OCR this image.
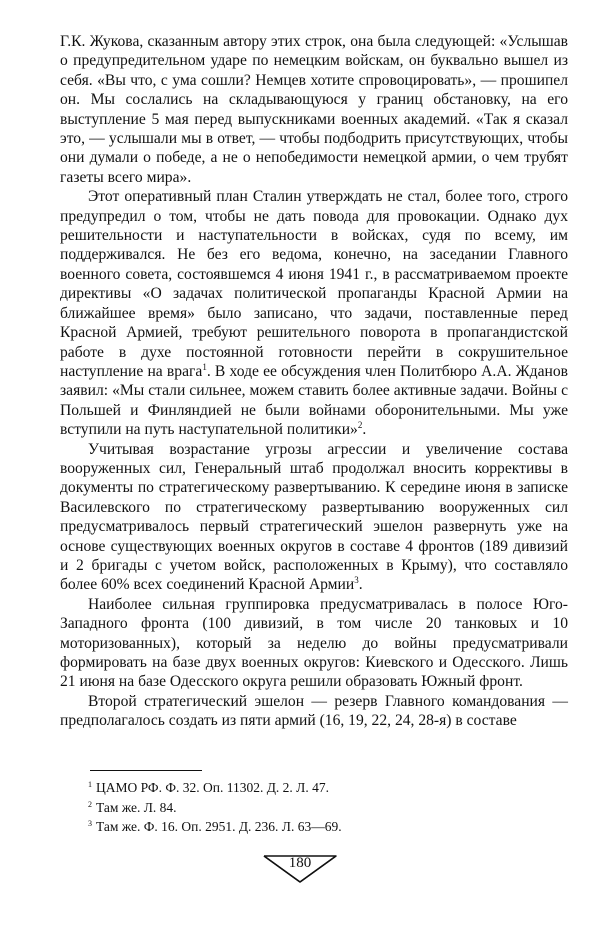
Г.К. Жукова, сказанным автору этих строк, она была следующей: «Услышав о предупредительном ударе по немецким войскам, он буквально вышел из себя. «Вы что, с ума сошли? Немцев хотите спровоцировать», — прошипел он. Мы сослались на складывающуюся у границ обстановку, на его выступление 5 мая перед выпускниками военных академий. «Так я сказал это, — услышали мы в ответ, — чтобы подбодрить присутствующих, чтобы они думали о победе, а не о непобедимости немецкой армии, о чем трубят газеты всего мира».

Этот оперативный план Сталин утверждать не стал, более того, строго предупредил о том, чтобы не дать повода для провокации. Однако дух решительности и наступательности в войсках, судя по всему, им поддерживался. Не без его ведома, конечно, на заседании Главного военного совета, состоявшемся 4 июня 1941 г., в рассматриваемом проекте директивы «О задачах политической пропаганды Красной Армии на ближайшее время» было записано, что задачи, поставленные перед Красной Армией, требуют решительного поворота в пропагандистской работе в духе постоянной готовности перейти в сокрушительное наступление на врага$^1$. В ходе ее обсуждения член Политбюро А.А. Жданов заявил: «Мы стали сильнее, можем ставить более активные задачи. Войны с Польшей и Финляндией не были войнами оборонительными. Мы уже вступили на путь наступательной политики»$^2$.

Учитывая возрастание угрозы агрессии и увеличение состава вооруженных сил, Генеральный штаб продолжал вносить коррективы в документы по стратегическому развертыванию. К середине июня в записке Василевского по стратегическому развертыванию вооруженных сил предусматривалось первый стратегический эшелон развернуть уже на основе существующих военных округов в составе 4 фронтов (189 дивизий и 2 бригады с учетом войск, расположенных в Крыму), что составляло более 60% всех соединений Красной Армии$^3$.

Наиболее сильная группировка предусматривалась в полосе Юго-Западного фронта (100 дивизий, в том числе 20 танковых и 10 моторизованных), который за неделю до войны предусматривали формировать на базе двух военных округов: Киевского и Одесского. Лишь 21 июня на базе Одесского округа решили образовать Южный фронт.

Второй стратегический эшелон — резерв Главного командования — предполагалось создать из пяти армий (16, 19, 22, 24, 28-я) в составе

$^1$ ЦАМО РФ. Ф. 32. Оп. 11302. Д. 2. Л. 47.

$^2$ Там же. Л. 84.

$^3$ Там же. Ф. 16. Оп. 2951. Д. 236. Л. 63—69.

180
